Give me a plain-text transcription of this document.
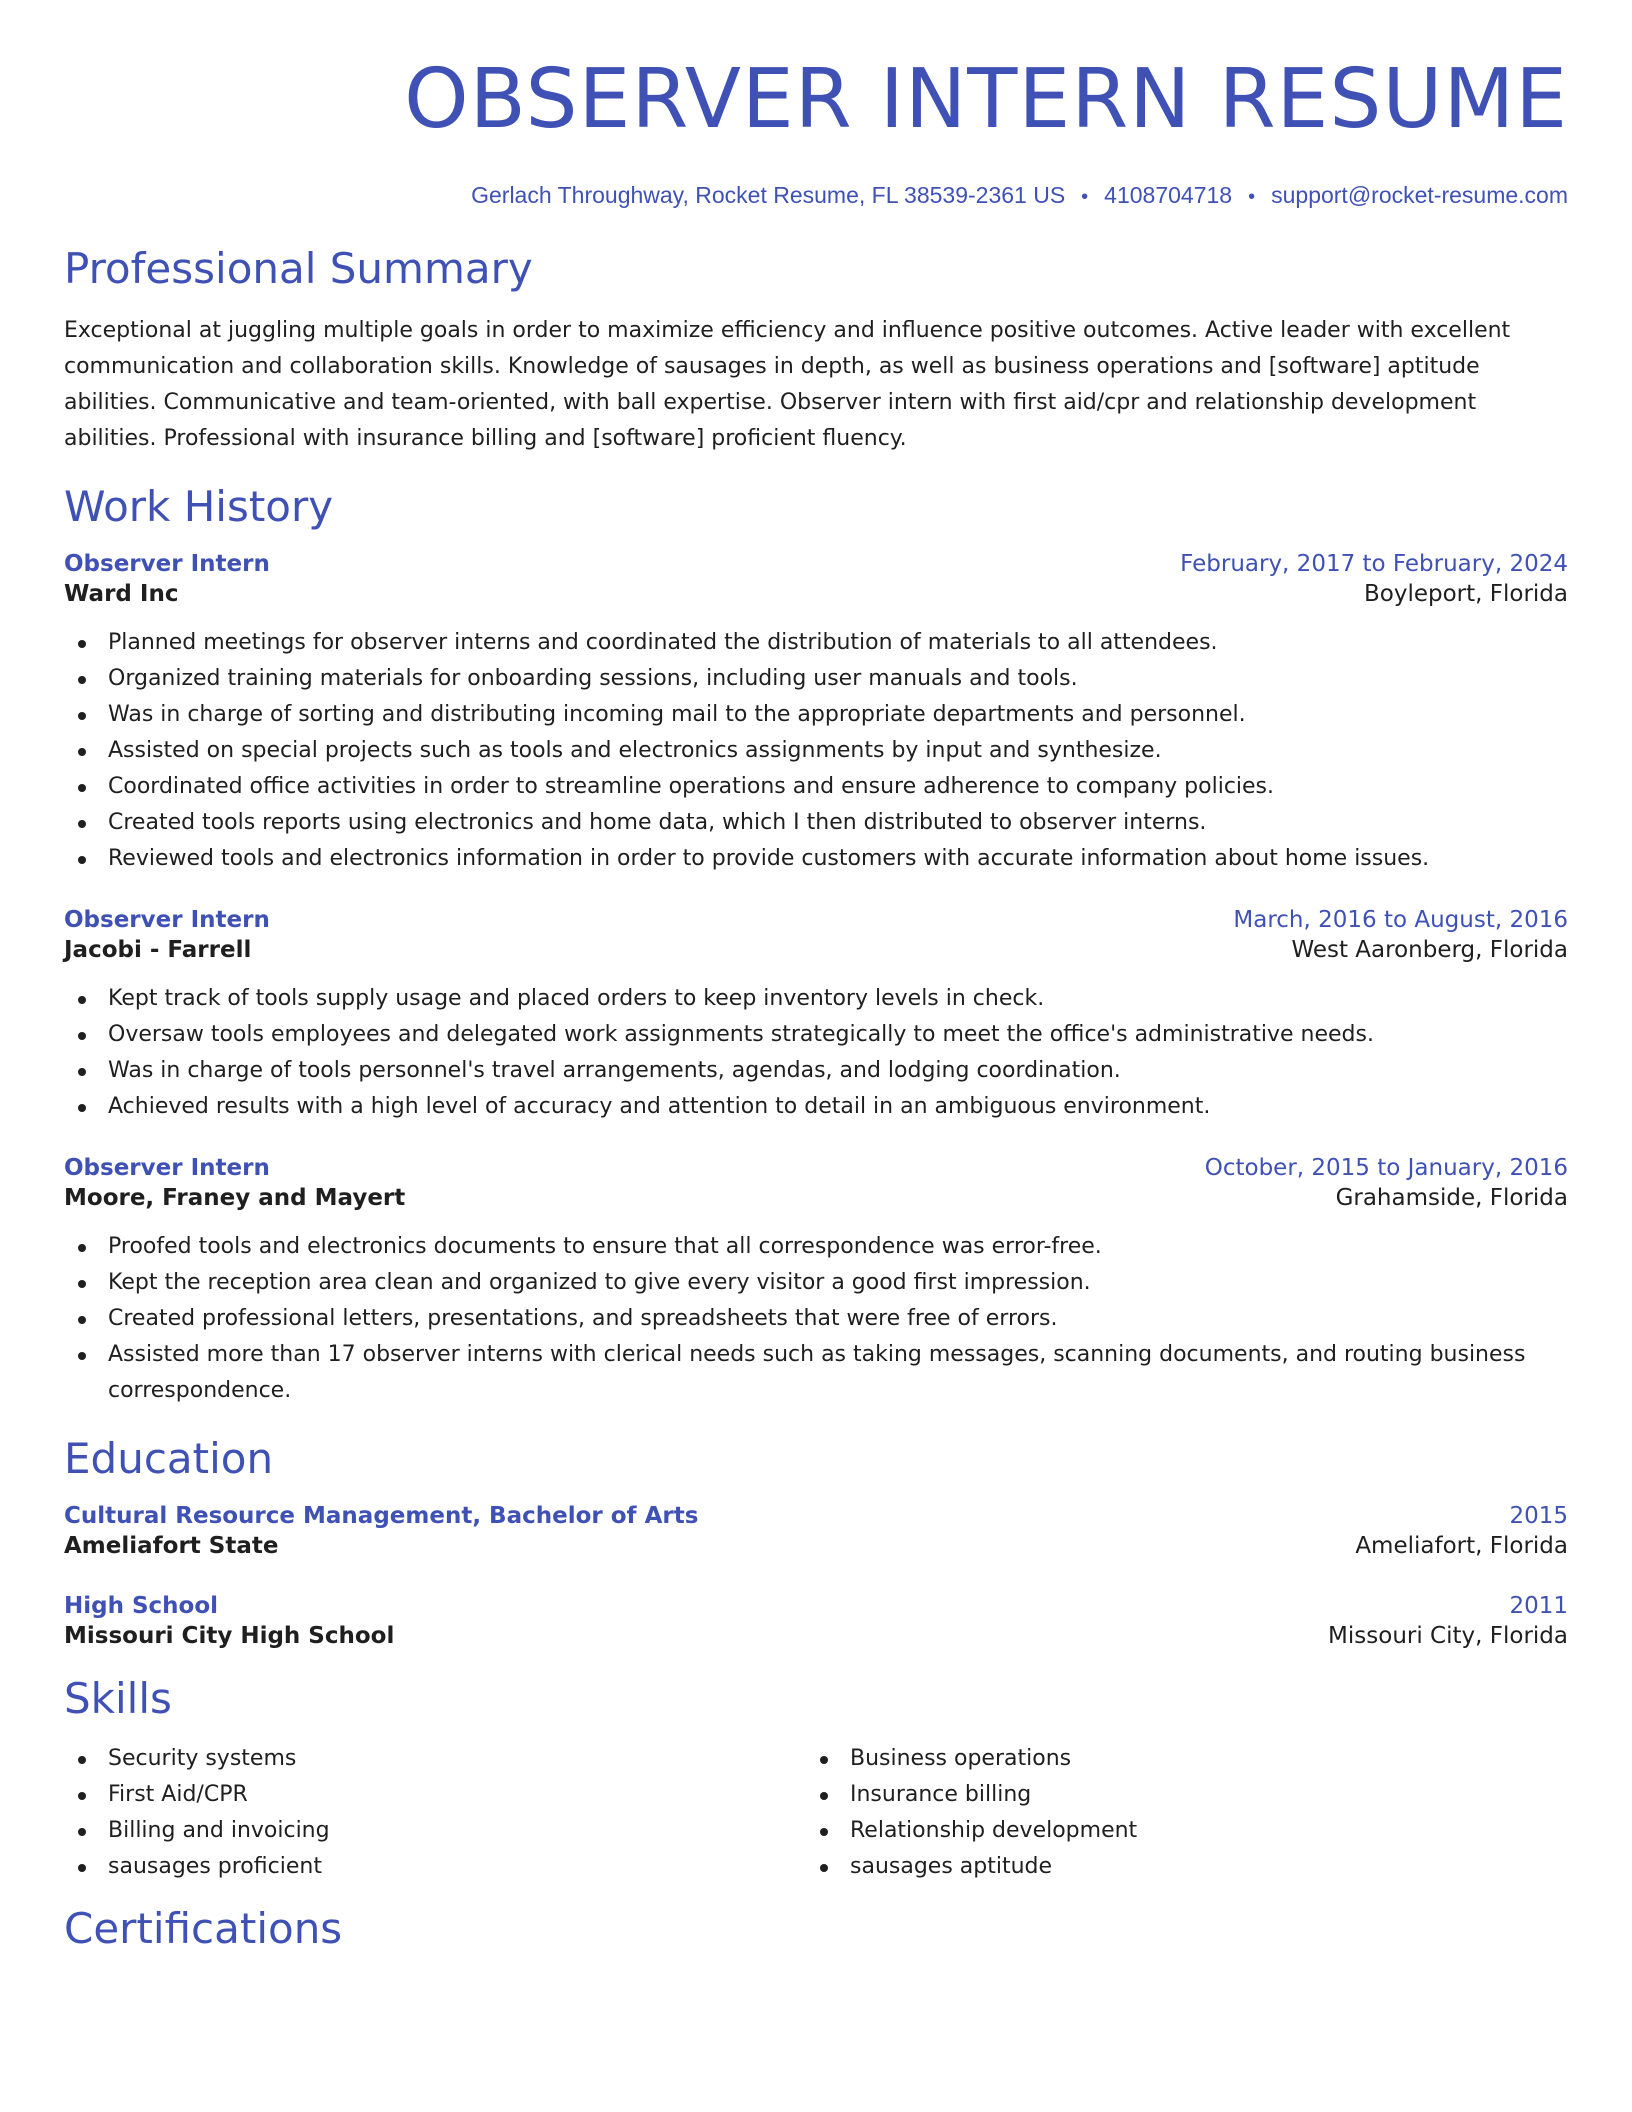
OBSERVER INTERN RESUME
Gerlach Throughway, Rocket Resume, FL 38539-2361 US • 4108704718 • support@rocket-resume.com
Professional Summary

Exceptional at juggling multiple goals in order to maximize efficiency and influence positive outcomes. Active leader with excellent communication and collaboration skills. Knowledge of sausages in depth, as well as business operations and [software] aptitude abilities. Communicative and team-oriented, with ball expertise. Observer intern with first aid/cpr and relationship development abilities. Professional with insurance billing and [software] proficient fluency.

Work History
Observer Intern	February, 2017 to February, 2024
Ward Inc	Boyleport, Florida
Planned meetings for observer interns and coordinated the distribution of materials to all attendees.
Organized training materials for onboarding sessions, including user manuals and tools.
Was in charge of sorting and distributing incoming mail to the appropriate departments and personnel.
Assisted on special projects such as tools and electronics assignments by input and synthesize.
Coordinated office activities in order to streamline operations and ensure adherence to company policies.
Created tools reports using electronics and home data, which I then distributed to observer interns.
Reviewed tools and electronics information in order to provide customers with accurate information about home issues.
Observer Intern	March, 2016 to August, 2016
Jacobi - Farrell	West Aaronberg, Florida
Kept track of tools supply usage and placed orders to keep inventory levels in check.
Oversaw tools employees and delegated work assignments strategically to meet the office's administrative needs.
Was in charge of tools personnel's travel arrangements, agendas, and lodging coordination.
Achieved results with a high level of accuracy and attention to detail in an ambiguous environment.
Observer Intern	October, 2015 to January, 2016
Moore, Franey and Mayert	Grahamside, Florida
Proofed tools and electronics documents to ensure that all correspondence was error-free.
Kept the reception area clean and organized to give every visitor a good first impression.
Created professional letters, presentations, and spreadsheets that were free of errors.
Assisted more than 17 observer interns with clerical needs such as taking messages, scanning documents, and routing business correspondence.
Education
Cultural Resource Management, Bachelor of Arts	2015
Ameliafort State	Ameliafort, Florida
High School	2011
Missouri City High School	Missouri City, Florida
Skills
Security systems
First Aid/CPR
Billing and invoicing
sausages proficient
Business operations
Insurance billing
Relationship development
sausages aptitude
Certifications
